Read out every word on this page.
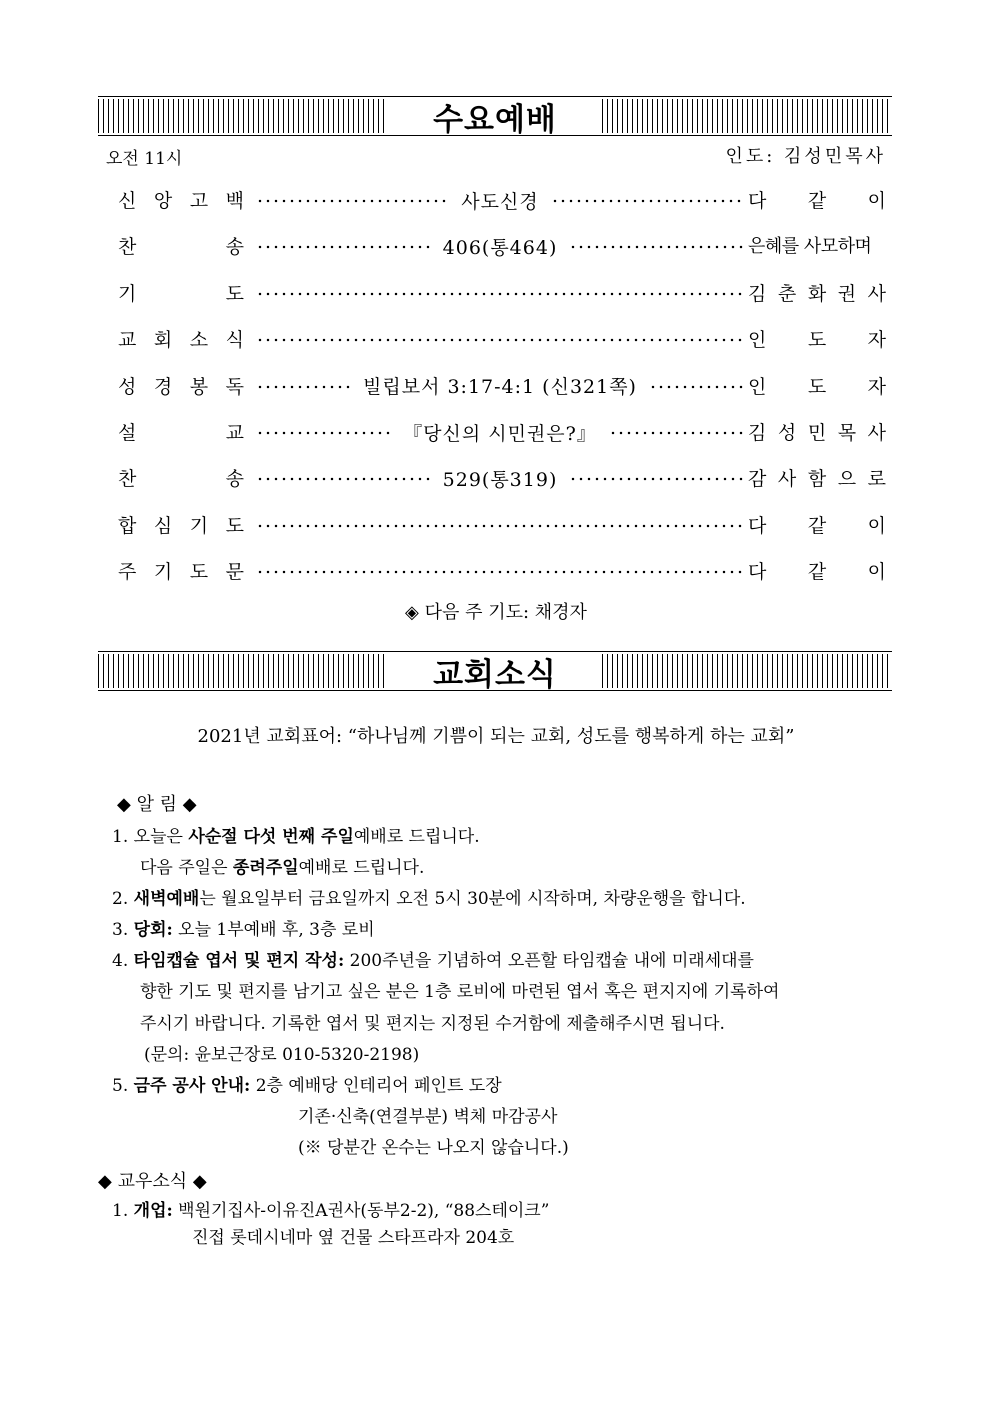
수요예배
오전 11시	인도: 김성민목사
신 앙 고 백	사도신경	다 같 이
찬	송	406(통464)	은혜를 사모하며
기	도	김 춘 화 권 사
교 회 소 식	인 도 자
성 경 봉 독	빌립보서 3:17-4:1 (신321쪽)	인 도 자
설	교	『당신의 시민권은?』	김 성 민 목 사
찬	송	529(통319)	감 사 함 으 로
합 심 기 도	다 같 이
주 기 도 문	다 같 이
◈ 다음 주 기도: 채경자
교회소식
2021년 교회표어: “하나님께 기쁨이 되는 교회, 성도를 행복하게 하는 교회”
◆ 알 림 ◆
1. 오늘은 사순절 다섯 번째 주일예배로 드립니다.
다음 주일은 종려주일예배로 드립니다.
2. 새벽예배는 월요일부터 금요일까지 오전 5시 30분에 시작하며, 차량운행을 합니다.
3. 당회: 오늘 1부예배 후, 3층 로비
4. 타임캡슐 엽서 및 편지 작성: 200주년을 기념하여 오픈할 타임캡슐 내에 미래세대를
향한 기도 및 편지를 남기고 싶은 분은 1층 로비에 마련된 엽서 혹은 편지지에 기록하여
주시기 바랍니다. 기록한 엽서 및 편지는 지정된 수거함에 제출해주시면 됩니다.
(문의: 윤보근장로 010-5320-2198)
5. 금주 공사 안내: 2층 예배당 인테리어 페인트 도장
기존·신축(연결부분) 벽체 마감공사
(※ 당분간 온수는 나오지 않습니다.)
◆ 교우소식 ◆
1. 개업: 백원기집사-이유진A권사(동부2-2), “88스테이크”
진접 롯데시네마 옆 건물 스타프라자 204호
